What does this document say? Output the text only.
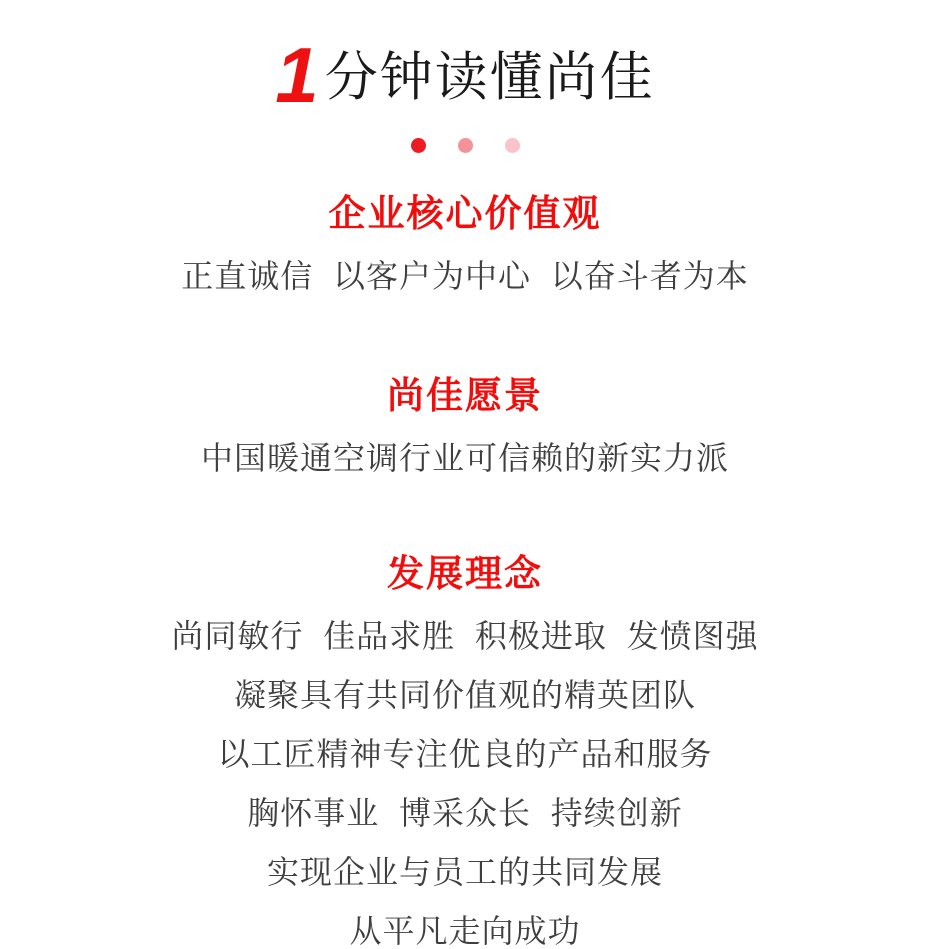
1 分钟读懂尚佳
企业核心价值观

正直诚信  以客户为中心  以奋斗者为本

尚佳愿景

中国暖通空调行业可信赖的新实力派

发展理念

尚同敏行  佳品求胜  积极进取  发愤图强

凝聚具有共同价值观的精英团队

以工匠精神专注优良的产品和服务

胸怀事业  博采众长  持续创新

实现企业与员工的共同发展

从平凡走向成功
